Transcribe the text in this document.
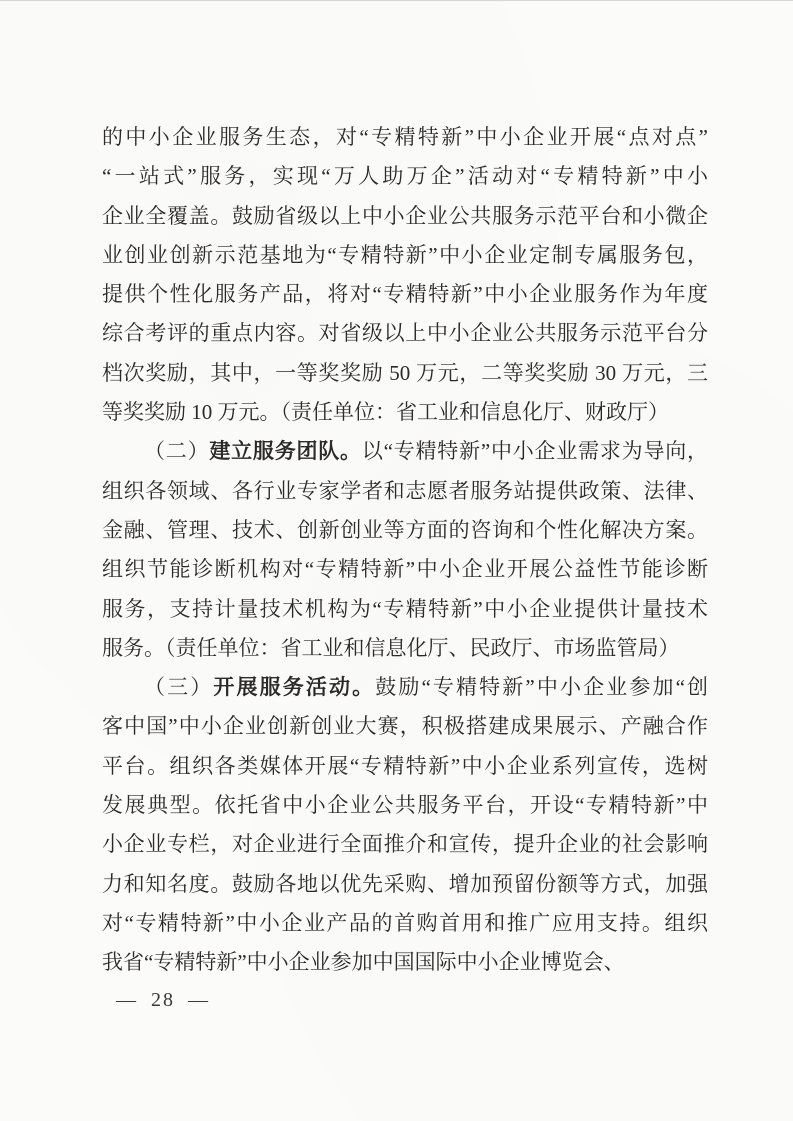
的中小企业服务生态，对“专精特新”中小企业开展“点对点”
“一站式”服务，实现“万人助万企”活动对“专精特新”中小
企业全覆盖。鼓励省级以上中小企业公共服务示范平台和小微企
业创业创新示范基地为“专精特新”中小企业定制专属服务包，
提供个性化服务产品，将对“专精特新”中小企业服务作为年度
综合考评的重点内容。对省级以上中小企业公共服务示范平台分
档次奖励，其中，一等奖奖励 50 万元，二等奖奖励 30 万元，三
等奖奖励 10 万元。（责任单位：省工业和信息化厅、财政厅）
（二）建立服务团队。以“专精特新”中小企业需求为导向，
组织各领域、各行业专家学者和志愿者服务站提供政策、法律、
金融、管理、技术、创新创业等方面的咨询和个性化解决方案。
组织节能诊断机构对“专精特新”中小企业开展公益性节能诊断
服务，支持计量技术机构为“专精特新”中小企业提供计量技术
服务。（责任单位：省工业和信息化厅、民政厅、市场监管局）
（三）开展服务活动。鼓励“专精特新”中小企业参加“创
客中国”中小企业创新创业大赛，积极搭建成果展示、产融合作
平台。组织各类媒体开展“专精特新”中小企业系列宣传，选树
发展典型。依托省中小企业公共服务平台，开设“专精特新”中
小企业专栏，对企业进行全面推介和宣传，提升企业的社会影响
力和知名度。鼓励各地以优先采购、增加预留份额等方式，加强
对“专精特新”中小企业产品的首购首用和推广应用支持。组织
我省“专精特新”中小企业参加中国国际中小企业博览会、
— 28 —
